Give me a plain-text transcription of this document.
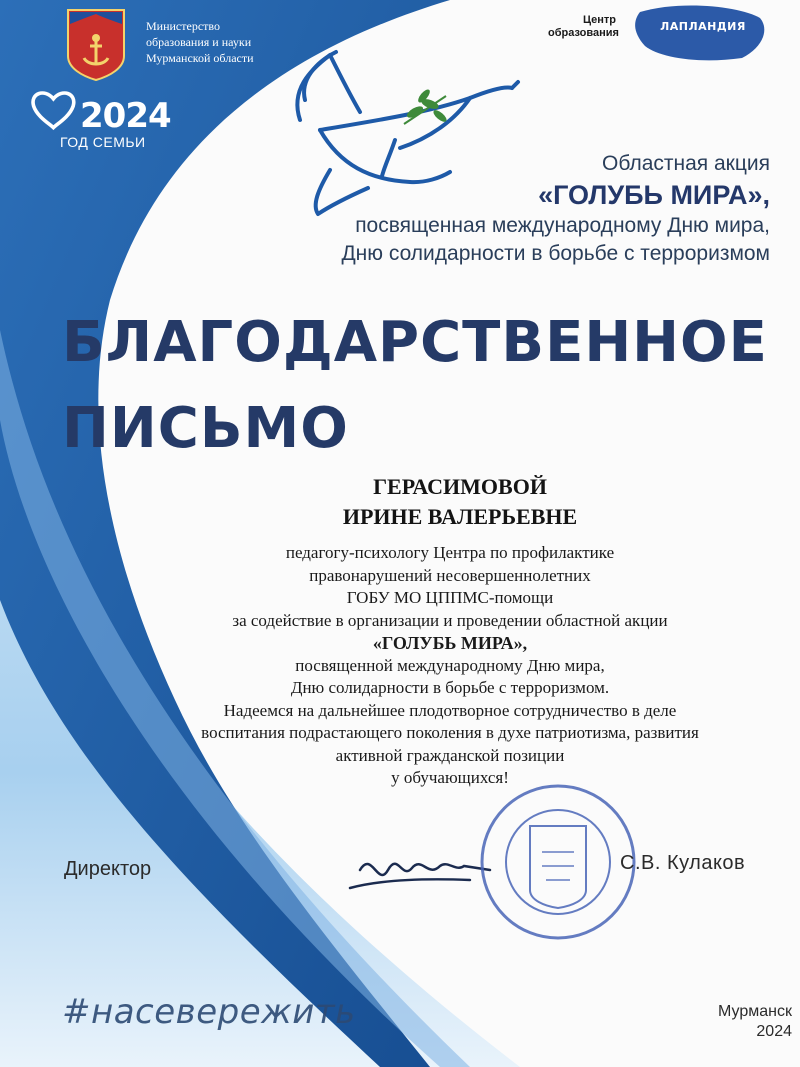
Министерство
образования и науки
Мурманской области
2024
ГОД СЕМЬИ
Центр
образования	ЛАПЛАНДИЯ
Областная акция
«ГОЛУБЬ МИРА»,
посвященная международному Дню мира,
Дню солидарности в борьбе с терроризмом
БЛАГОДАРСТВЕННОЕ
ПИСЬМО
ГЕРАСИМОВОЙ
ИРИНЕ ВАЛЕРЬЕВНЕ
педагогу-психологу Центра по профилактике
правонарушений несовершеннолетних
ГОБУ МО ЦППМС-помощи
за содействие в организации и проведении областной акции
«ГОЛУБЬ МИРА»,
посвященной международному Дню мира,
Дню солидарности в борьбе с терроризмом.
Надеемся на дальнейшее плодотворное сотрудничество в деле
воспитания подрастающего поколения в духе патриотизма, развития
активной гражданской позиции
у обучающихся!
Директор	С.В. Кулаков
#насевережить	Мурманск
2024
